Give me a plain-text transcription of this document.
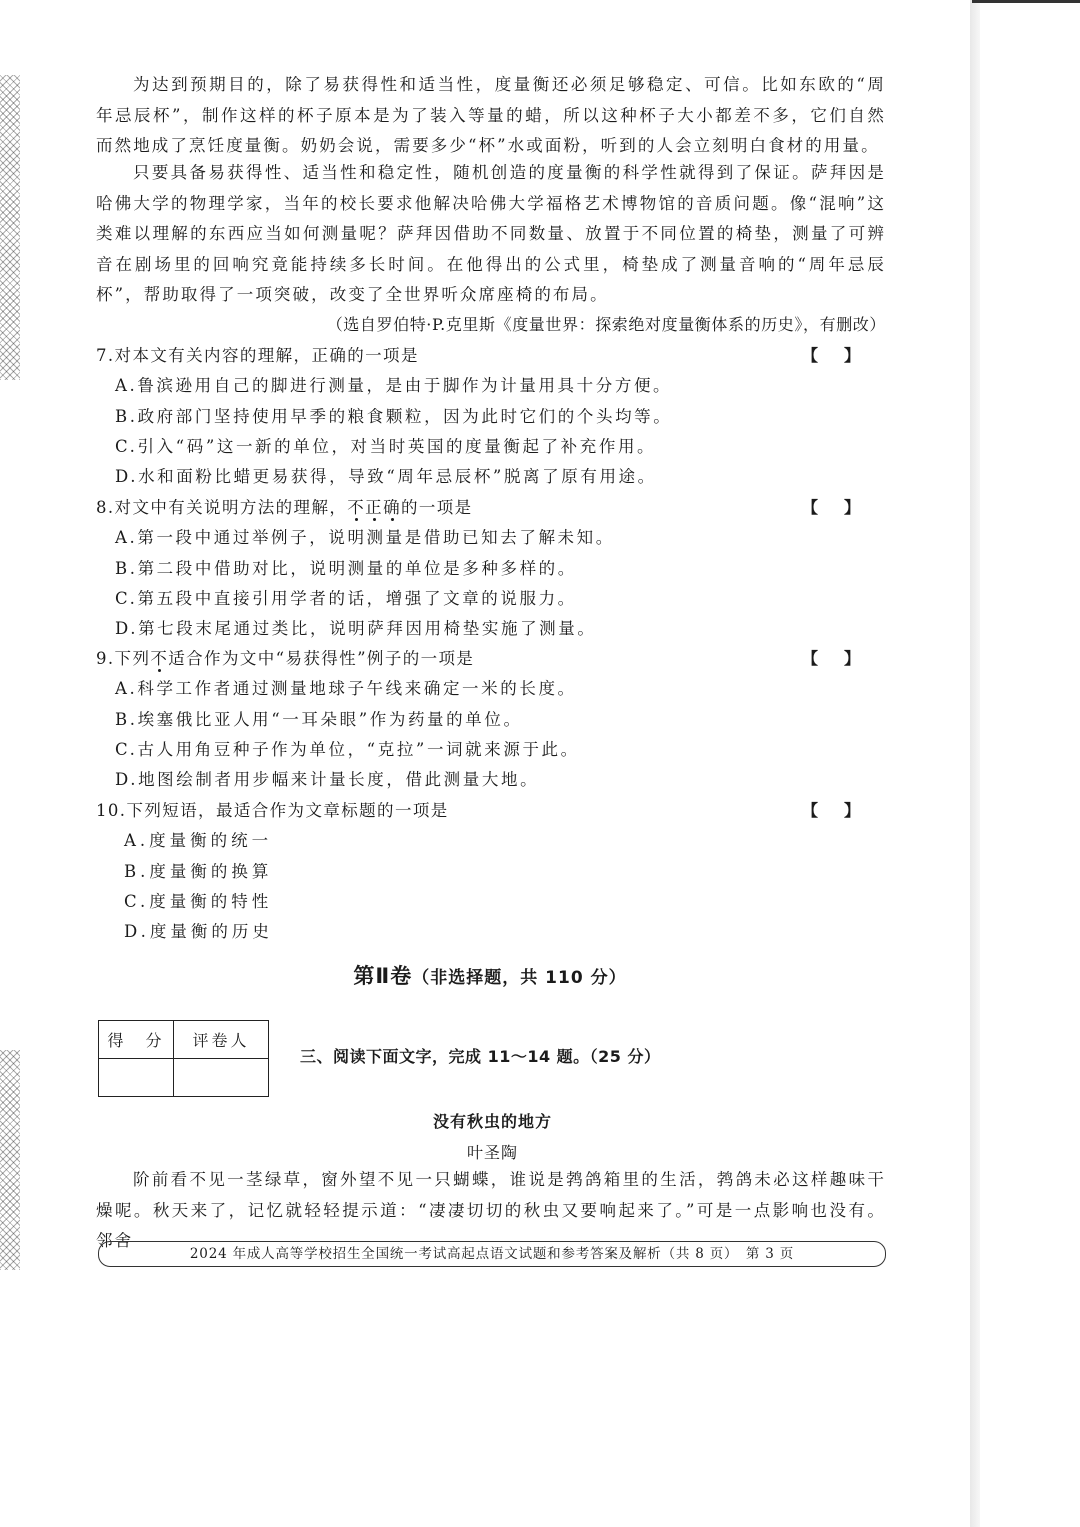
为达到预期目的，除了易获得性和适当性，度量衡还必须足够稳定、可信。比如东欧的“周年忌辰杯”，制作这样的杯子原本是为了装入等量的蜡，所以这种杯子大小都差不多，它们自然而然地成了烹饪度量衡。奶奶会说，需要多少“杯”水或面粉，听到的人会立刻明白食材的用量。

只要具备易获得性、适当性和稳定性，随机创造的度量衡的科学性就得到了保证。萨拜因是哈佛大学的物理学家，当年的校长要求他解决哈佛大学福格艺术博物馆的音质问题。像“混响”这类难以理解的东西应当如何测量呢？萨拜因借助不同数量、放置于不同位置的椅垫，测量了可辨音在剧场里的回响究竟能持续多长时间。在他得出的公式里，椅垫成了测量音响的“周年忌辰杯”，帮助取得了一项突破，改变了全世界听众席座椅的布局。

（选自罗伯特·P.克里斯《度量世界：探索绝对度量衡体系的历史》，有删改）
7.对本文有关内容的理解，正确的一项是	【】
A.鲁滨逊用自己的脚进行测量，是由于脚作为计量用具十分方便。
B.政府部门坚持使用早季的粮食颗粒，因为此时它们的个头均等。
C.引入“码”这一新的单位，对当时英国的度量衡起了补充作用。
D.水和面粉比蜡更易获得，导致“周年忌辰杯”脱离了原有用途。
8.对文中有关说明方法的理解，不正确的一项是	【】
A.第一段中通过举例子，说明测量是借助已知去了解未知。
B.第二段中借助对比，说明测量的单位是多种多样的。
C.第五段中直接引用学者的话，增强了文章的说服力。
D.第七段末尾通过类比，说明萨拜因用椅垫实施了测量。
9.下列不适合作为文中“易获得性”例子的一项是	【】
A.科学工作者通过测量地球子午线来确定一米的长度。
B.埃塞俄比亚人用“一耳朵眼”作为药量的单位。
C.古人用角豆种子作为单位，“克拉”一词就来源于此。
D.地图绘制者用步幅来计量长度，借此测量大地。
10.下列短语，最适合作为文章标题的一项是	【】
A.度量衡的统一
B.度量衡的换算
C.度量衡的特性
D.度量衡的历史
第Ⅱ卷（非选择题，共 110 分）
得　分	评卷人

三、阅读下面文字，完成 11～14 题。（25 分）
没有秋虫的地方
叶圣陶

阶前看不见一茎绿草，窗外望不见一只蝴蝶，谁说是鹁鸽箱里的生活，鹁鸽未必这样趣味干燥呢。秋天来了，记忆就轻轻提示道：“凄凄切切的秋虫又要响起来了。”可是一点影响也没有。邻舍

2024 年成人高等学校招生全国统一考试高起点语文试题和参考答案及解析（共 8 页）　第 3 页
